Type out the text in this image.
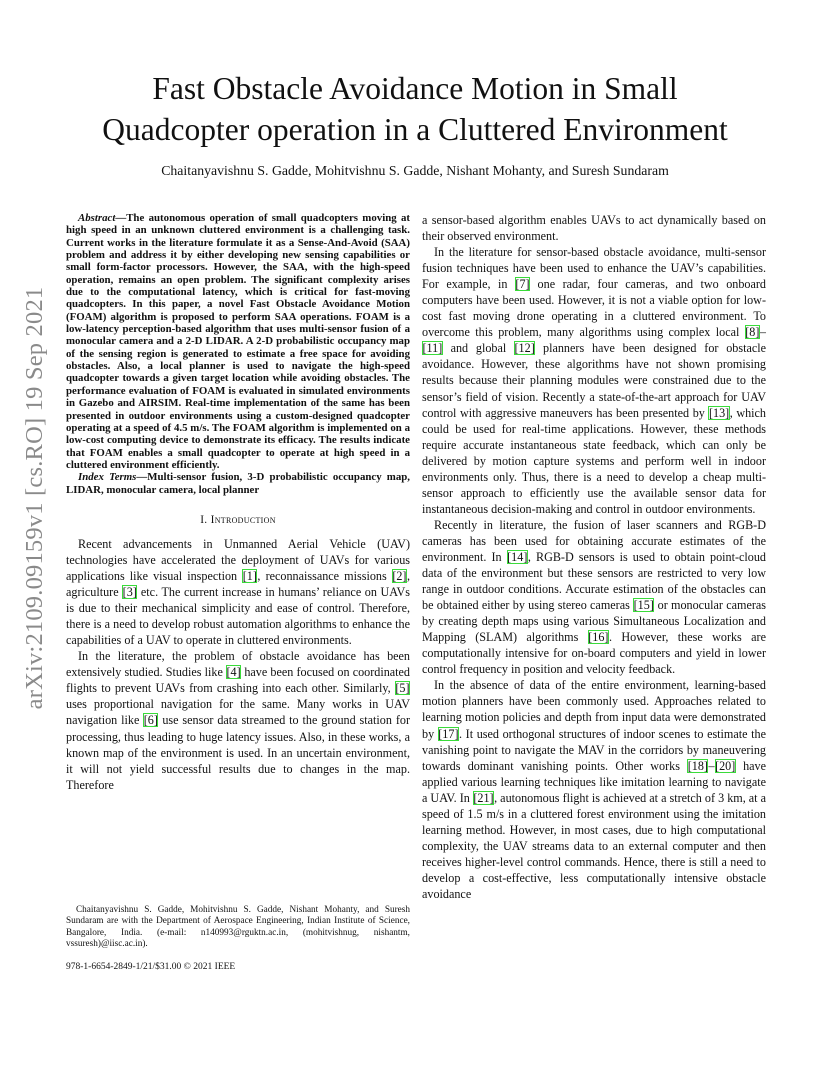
arXiv:2109.09159v1 [cs.RO] 19 Sep 2021
Fast Obstacle Avoidance Motion in Small
Quadcopter operation in a Cluttered Environment

Chaitanyavishnu S. Gadde, Mohitvishnu S. Gadde, Nishant Mohanty, and Suresh Sundaram

Abstract—The autonomous operation of small quadcopters moving at high speed in an unknown cluttered environment is a challenging task. Current works in the literature formulate it as a Sense-And-Avoid (SAA) problem and address it by either developing new sensing capabilities or small form-factor processors. However, the SAA, with the high-speed operation, remains an open problem. The significant complexity arises due to the computational latency, which is critical for fast-moving quadcopters. In this paper, a novel Fast Obstacle Avoidance Motion (FOAM) algorithm is proposed to perform SAA operations. FOAM is a low-latency perception-based algorithm that uses multi-sensor fusion of a monocular camera and a 2-D LIDAR. A 2-D probabilistic occupancy map of the sensing region is generated to estimate a free space for avoiding obstacles. Also, a local planner is used to navigate the high-speed quadcopter towards a given target location while avoiding obstacles. The performance evaluation of FOAM is evaluated in simulated environments in Gazebo and AIRSIM. Real-time implementation of the same has been presented in outdoor environments using a custom-designed quadcopter operating at a speed of 4.5 m/s. The FOAM algorithm is implemented on a low-cost computing device to demonstrate its efficacy. The results indicate that FOAM enables a small quadcopter to operate at high speed in a cluttered environment efficiently.

Index Terms—Multi-sensor fusion, 3-D probabilistic occupancy map, LIDAR, monocular camera, local planner

I. Introduction

Recent advancements in Unmanned Aerial Vehicle (UAV) technologies have accelerated the deployment of UAVs for various applications like visual inspection [1], reconnaissance missions [2], agriculture [3] etc. The current increase in humans’ reliance on UAVs is due to their mechanical simplicity and ease of control. Therefore, there is a need to develop robust automation algorithms to enhance the capabilities of a UAV to operate in cluttered environments.

In the literature, the problem of obstacle avoidance has been extensively studied. Studies like [4] have been focused on coordinated flights to prevent UAVs from crashing into each other. Similarly, [5] uses proportional navigation for the same. Many works in UAV navigation like [6] use sensor data streamed to the ground station for processing, thus leading to huge latency issues. Also, in these works, a known map of the environment is used. In an uncertain environment, it will not yield successful results due to changes in the map. Therefore

Chaitanyavishnu S. Gadde, Mohitvishnu S. Gadde, Nishant Mohanty, and Suresh Sundaram are with the Department of Aerospace Engineering, Indian Institute of Science, Bangalore, India. (e-mail: n140993@rguktn.ac.in, (mohitvishnug, nishantm, vssuresh)@iisc.ac.in).

978-1-6654-2849-1/21/$31.00 © 2021 IEEE

a sensor-based algorithm enables UAVs to act dynamically based on their observed environment.

In the literature for sensor-based obstacle avoidance, multi-sensor fusion techniques have been used to enhance the UAV’s capabilities. For example, in [7] one radar, four cameras, and two onboard computers have been used. However, it is not a viable option for low-cost fast moving drone operating in a cluttered environment. To overcome this problem, many algorithms using complex local [8]–[11] and global [12] planners have been designed for obstacle avoidance. However, these algorithms have not shown promising results because their planning modules were constrained due to the sensor’s field of vision. Recently a state-of-the-art approach for UAV control with aggressive maneuvers has been presented by [13], which could be used for real-time applications. However, these methods require accurate instantaneous state feedback, which can only be delivered by motion capture systems and perform well in indoor environments only. Thus, there is a need to develop a cheap multi-sensor approach to efficiently use the available sensor data for instantaneous decision-making and control in outdoor environments.

Recently in literature, the fusion of laser scanners and RGB-D cameras has been used for obtaining accurate estimates of the environment. In [14], RGB-D sensors is used to obtain point-cloud data of the environment but these sensors are restricted to very low range in outdoor conditions. Accurate estimation of the obstacles can be obtained either by using stereo cameras [15] or monocular cameras by creating depth maps using various Simultaneous Localization and Mapping (SLAM) algorithms [16]. However, these works are computationally intensive for on-board computers and yield in lower control frequency in position and velocity feedback.

In the absence of data of the entire environment, learning-based motion planners have been commonly used. Approaches related to learning motion policies and depth from input data were demonstrated by [17]. It used orthogonal structures of indoor scenes to estimate the vanishing point to navigate the MAV in the corridors by maneuvering towards dominant vanishing points. Other works [18]–[20] have applied various learning techniques like imitation learning to navigate a UAV. In [21], autonomous flight is achieved at a stretch of 3 km, at a speed of 1.5 m/s in a cluttered forest environment using the imitation learning method. However, in most cases, due to high computational complexity, the UAV streams data to an external computer and then receives higher-level control commands. Hence, there is still a need to develop a cost-effective, less computationally intensive obstacle avoidance
